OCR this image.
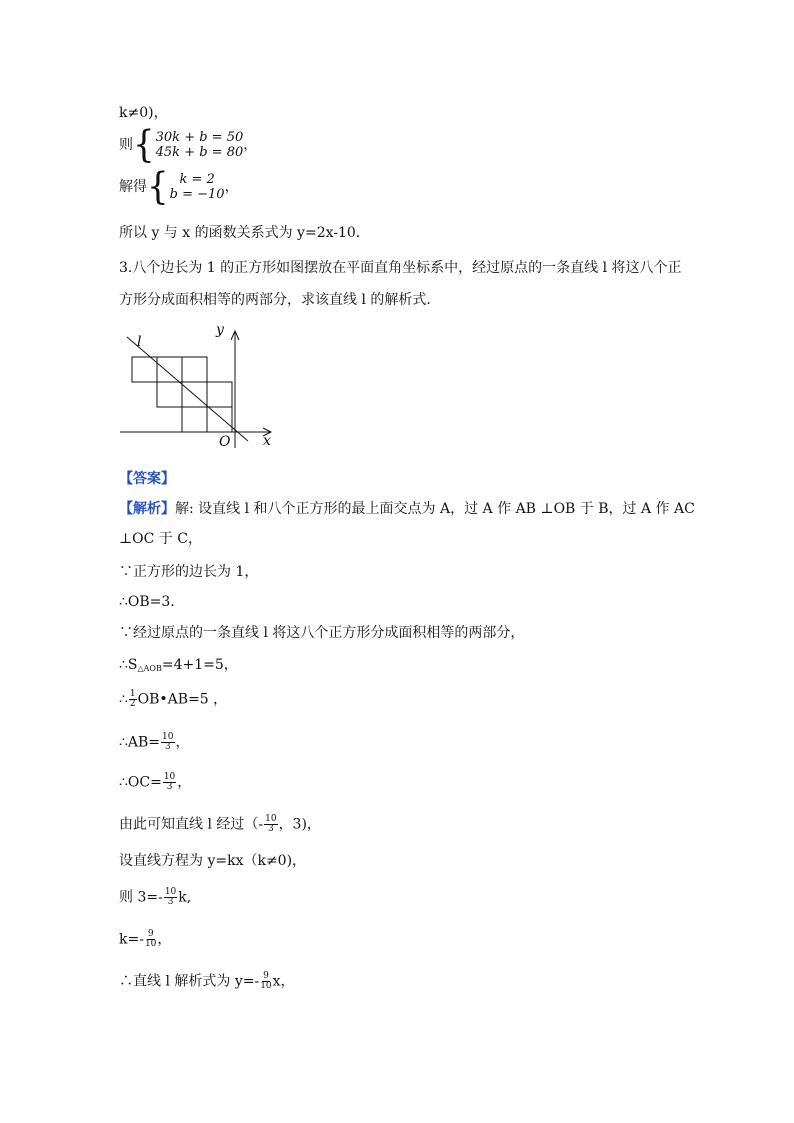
k≠0)，
则 { 30k + b = 50
45k + b = 80 ，
解得 { k = 2
b = −10 ，
所以 y 与 x 的函数关系式为 y=2x-10．
3.八个边长为 1 的正方形如图摆放在平面直角坐标系中，经过原点的一条直线 l 将这八个正
方形分成面积相等的两部分，求该直线 l 的解析式.
l
y
x
O
【答案】
【解析】解: 设直线 l 和八个正方形的最上面交点为 A，过 A 作 AB ⊥OB 于 B，过 A 作 AC
⊥OC 于 C，
∵正方形的边长为 1，
∴OB=3.
∵经过原点的一条直线 l 将这八个正方形分成面积相等的两部分，
$\therefore S_{\triangle AOB}=4+1=5$，
∴ $\frac{1}{2}$ OB•AB=5 ，
∴AB= $\frac{10}{3}$ ，
∴OC= $\frac{10}{3}$ ，
由此可知直线 l 经过（- $\frac{10}{3}$ ，3)，
设直线方程为 y=kx（k≠0)，
则 $3=- \frac{10}{3} k$,
$k=- \frac{9}{10}$ ，
∴直线 l 解析式为 $y=- \frac{9}{10}$ x，
